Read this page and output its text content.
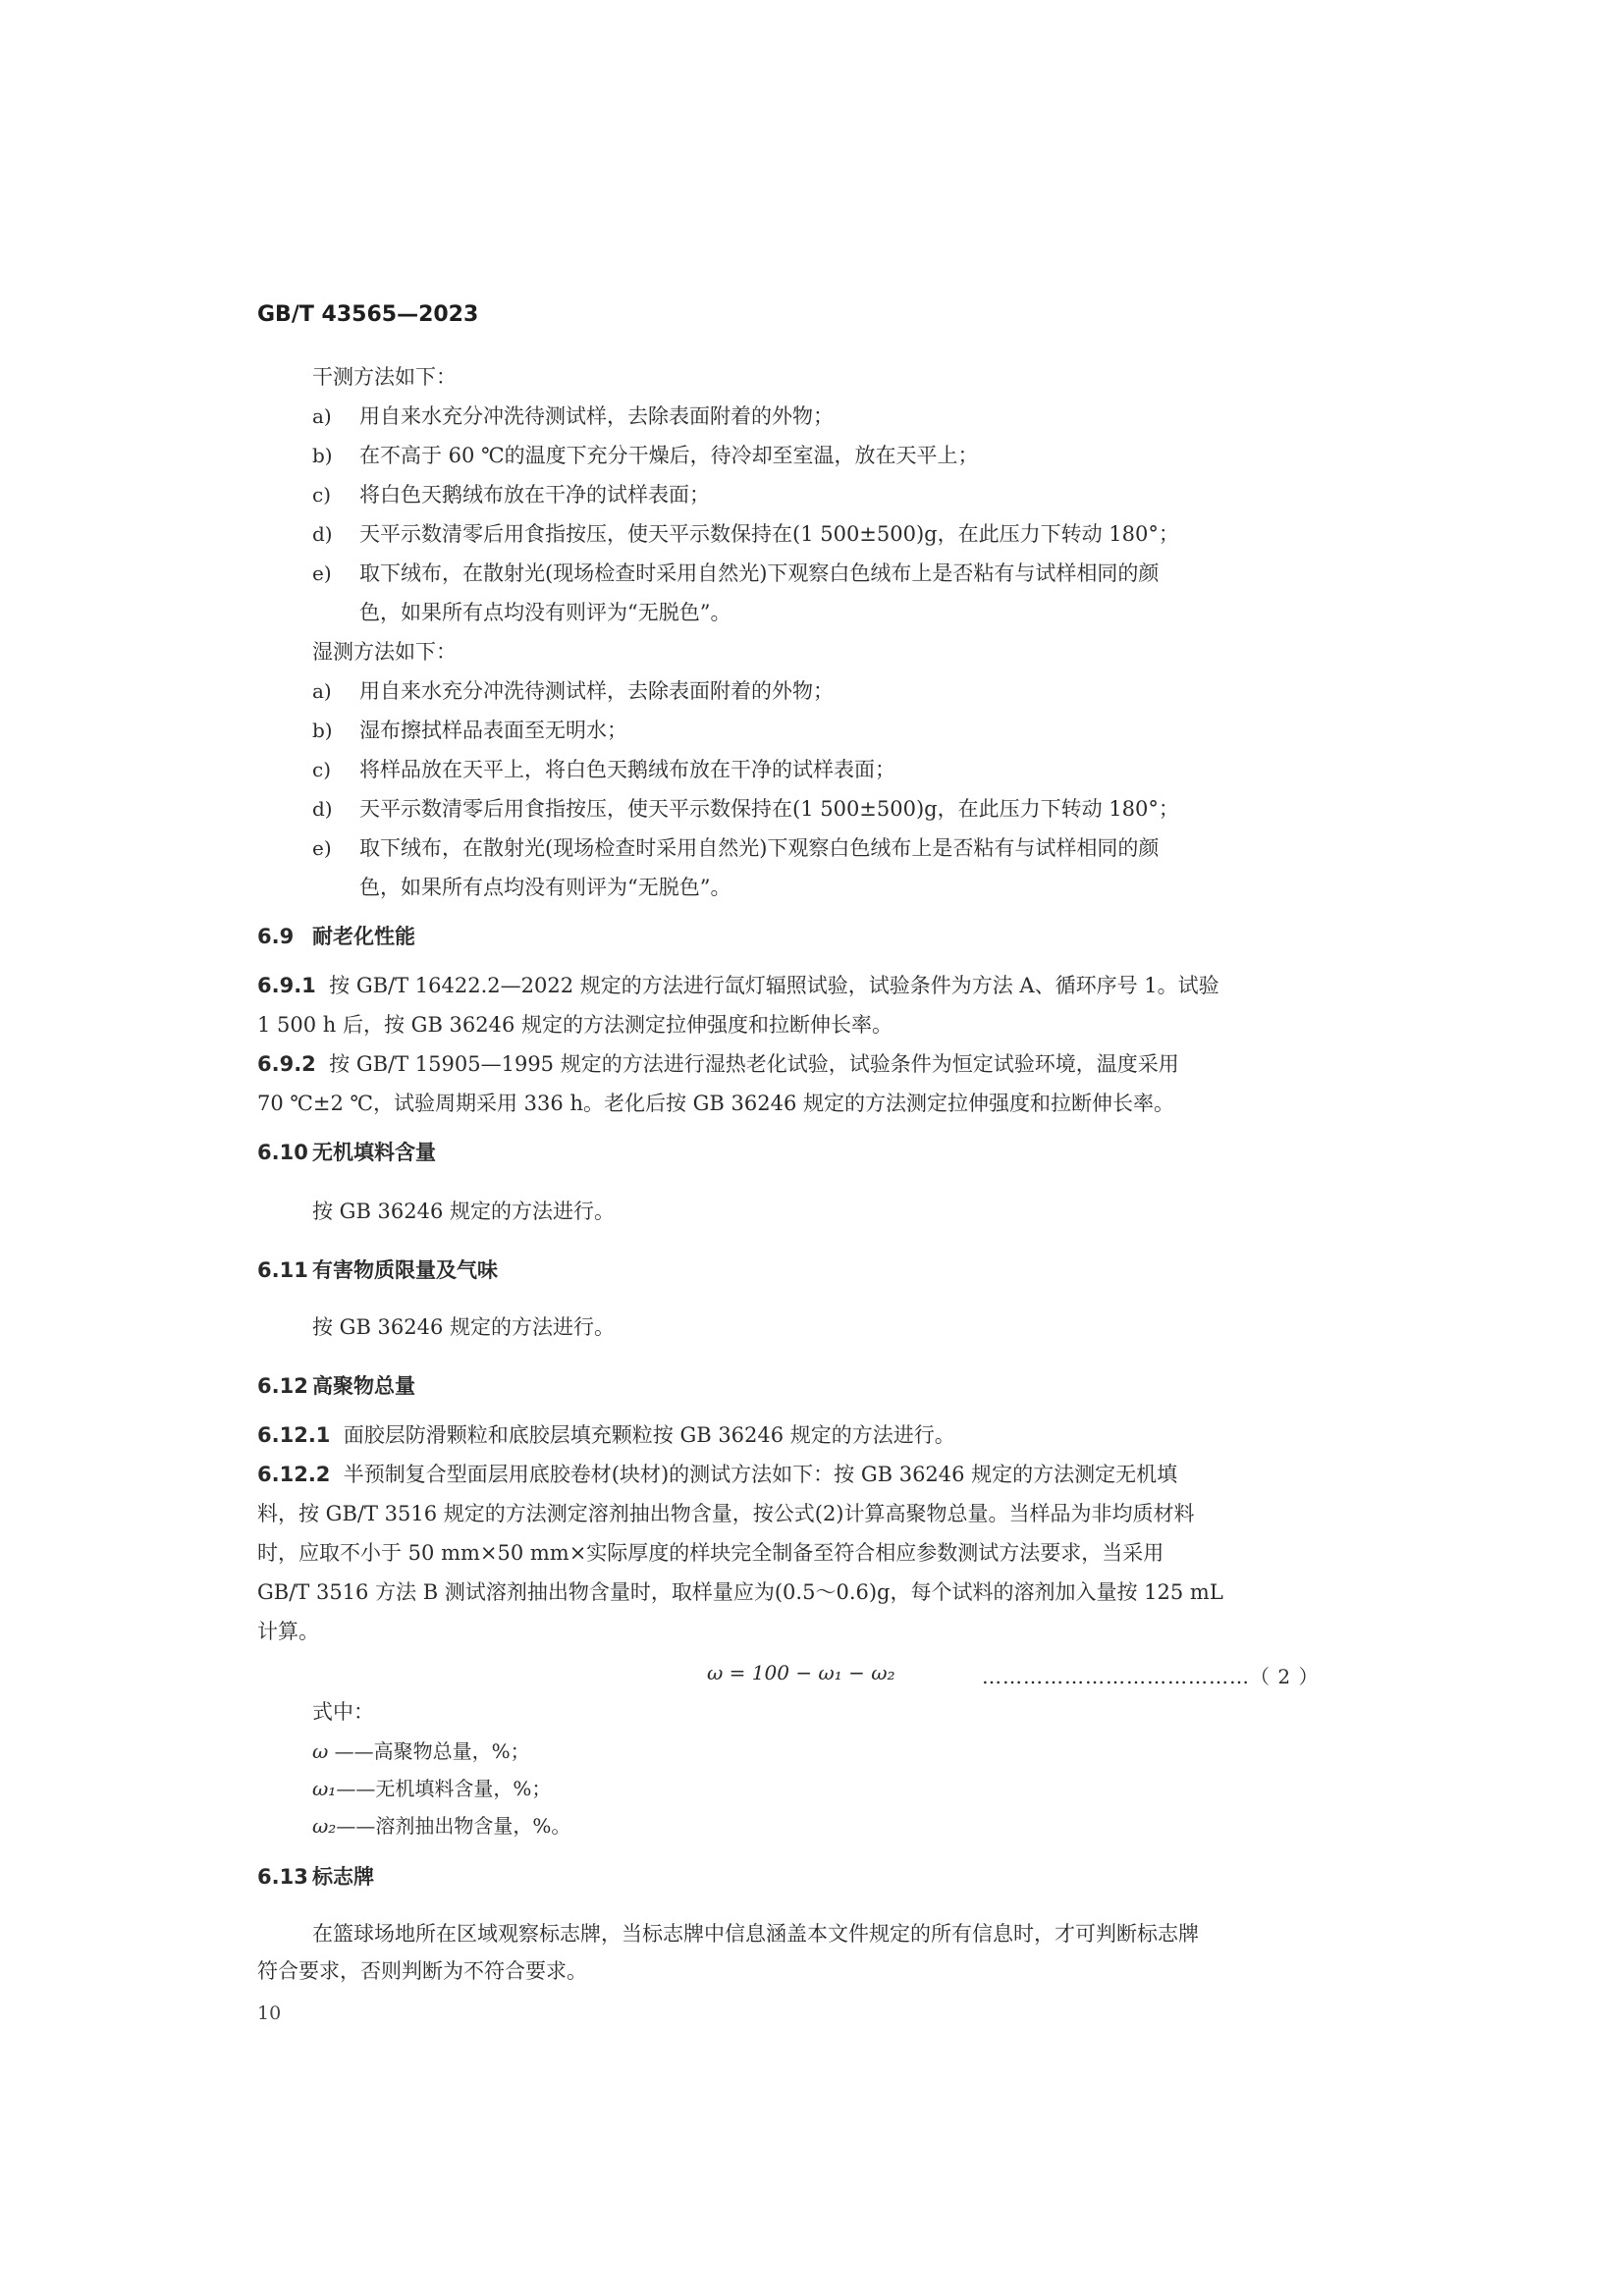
GB/T 43565—2023
干测方法如下：
a) 用自来水充分冲洗待测试样，去除表面附着的外物；
b) 在不高于 60 ℃的温度下充分干燥后，待冷却至室温，放在天平上；
c) 将白色天鹅绒布放在干净的试样表面；
d) 天平示数清零后用食指按压，使天平示数保持在(1 500±500)g，在此压力下转动 180°；
e) 取下绒布，在散射光(现场检查时采用自然光)下观察白色绒布上是否粘有与试样相同的颜
色，如果所有点均没有则评为“无脱色”。
湿测方法如下：
a) 用自来水充分冲洗待测试样，去除表面附着的外物；
b) 湿布擦拭样品表面至无明水；
c) 将样品放在天平上，将白色天鹅绒布放在干净的试样表面；
d) 天平示数清零后用食指按压，使天平示数保持在(1 500±500)g，在此压力下转动 180°；
e) 取下绒布，在散射光(现场检查时采用自然光)下观察白色绒布上是否粘有与试样相同的颜
色，如果所有点均没有则评为“无脱色”。
6.9 耐老化性能
6.9.1 按 GB/T 16422.2—2022 规定的方法进行氙灯辐照试验，试验条件为方法 A、循环序号 1。试验
1 500 h 后，按 GB 36246 规定的方法测定拉伸强度和拉断伸长率。
6.9.2 按 GB/T 15905—1995 规定的方法进行湿热老化试验，试验条件为恒定试验环境，温度采用
70 ℃±2 ℃，试验周期采用 336 h。老化后按 GB 36246 规定的方法测定拉伸强度和拉断伸长率。
6.10 无机填料含量
按 GB 36246 规定的方法进行。
6.11 有害物质限量及气味
按 GB 36246 规定的方法进行。
6.12 高聚物总量
6.12.1 面胶层防滑颗粒和底胶层填充颗粒按 GB 36246 规定的方法进行。
6.12.2 半预制复合型面层用底胶卷材(块材)的测试方法如下：按 GB 36246 规定的方法测定无机填
料，按 GB/T 3516 规定的方法测定溶剂抽出物含量，按公式(2)计算高聚物总量。当样品为非均质材料
时，应取不小于 50 mm×50 mm×实际厚度的样块完全制备至符合相应参数测试方法要求，当采用
GB/T 3516 方法 B 测试溶剂抽出物含量时，取样量应为(0.5～0.6)g，每个试料的溶剂加入量按 125 mL
计算。
ω = 100 − ω₁ − ω₂	…………………………………（ 2 ）
式中：
ω ——高聚物总量，%；
ω₁——无机填料含量，%；
ω₂——溶剂抽出物含量，%。
6.13 标志牌
在篮球场地所在区域观察标志牌，当标志牌中信息涵盖本文件规定的所有信息时，才可判断标志牌
符合要求，否则判断为不符合要求。
10
